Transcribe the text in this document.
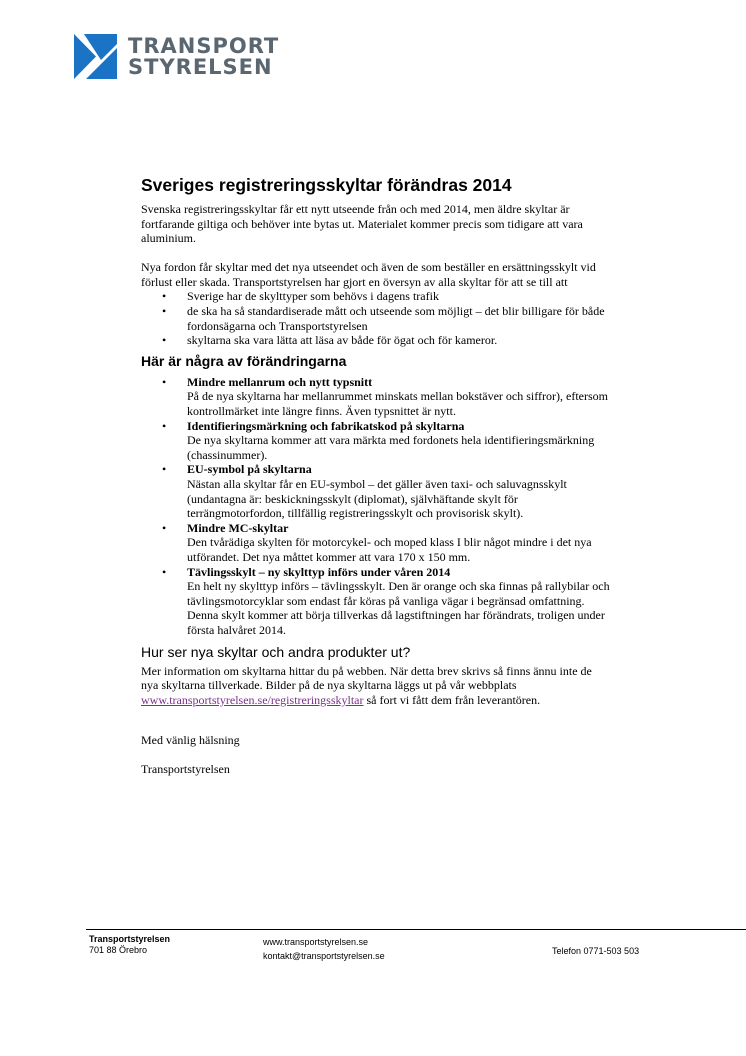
TRANSPORT
STYRELSEN
Sveriges registreringsskyltar förändras 2014

Svenska registreringsskyltar får ett nytt utseende från och med 2014, men äldre skyltar är fortfarande giltiga och behöver inte bytas ut. Materialet kommer precis som tidigare att vara aluminium.

Nya fordon får skyltar med det nya utseendet och även de som beställer en ersättningsskylt vid förlust eller skada. Transportstyrelsen har gjort en översyn av alla skyltar för att se till att

• Sverige har de skylttyper som behövs i dagens trafik
• de ska ha så standardiserade mått och utseende som möjligt – det blir billigare för både fordonsägarna och Transportstyrelsen
• skyltarna ska vara lätta att läsa av både för ögat och för kameror.
Här är några av förändringarna
• Mindre mellanrum och nytt typsnitt
På de nya skyltarna har mellanrummet minskats mellan bokstäver och siffror), eftersom kontrollmärket inte längre finns. Även typsnittet är nytt.
• Identifieringsmärkning och fabrikatskod på skyltarna
De nya skyltarna kommer att vara märkta med fordonets hela identifieringsmärkning (chassinummer).
• EU-symbol på skyltarna
Nästan alla skyltar får en EU-symbol – det gäller även taxi- och saluvagnsskylt (undantagna är: beskickningsskylt (diplomat), självhäftande skylt för terrängmotorfordon, tillfällig registreringsskylt och provisorisk skylt).
• Mindre MC-skyltar
Den tvårädiga skylten för motorcykel- och moped klass I blir något mindre i det nya utförandet. Det nya måttet kommer att vara 170 x 150 mm.
• Tävlingsskylt – ny skylttyp införs under våren 2014
En helt ny skylttyp införs – tävlingsskylt. Den är orange och ska finnas på rallybilar och tävlingsmotorcyklar som endast får köras på vanliga vägar i begränsad omfattning. Denna skylt kommer att börja tillverkas då lagstiftningen har förändrats, troligen under första halvåret 2014.
Hur ser nya skyltar och andra produkter ut?

Mer information om skyltarna hittar du på webben. När detta brev skrivs så finns ännu inte de nya skyltarna tillverkade. Bilder på de nya skyltarna läggs ut på vår webbplats www.transportstyrelsen.se/registreringsskyltar så fort vi fått dem från leverantören.

Med vänlig hälsning

Transportstyrelsen

Transportstyrelsen
701 88 Örebro
www.transportstyrelsen.se
kontakt@transportstyrelsen.se	Telefon 0771-503 503
